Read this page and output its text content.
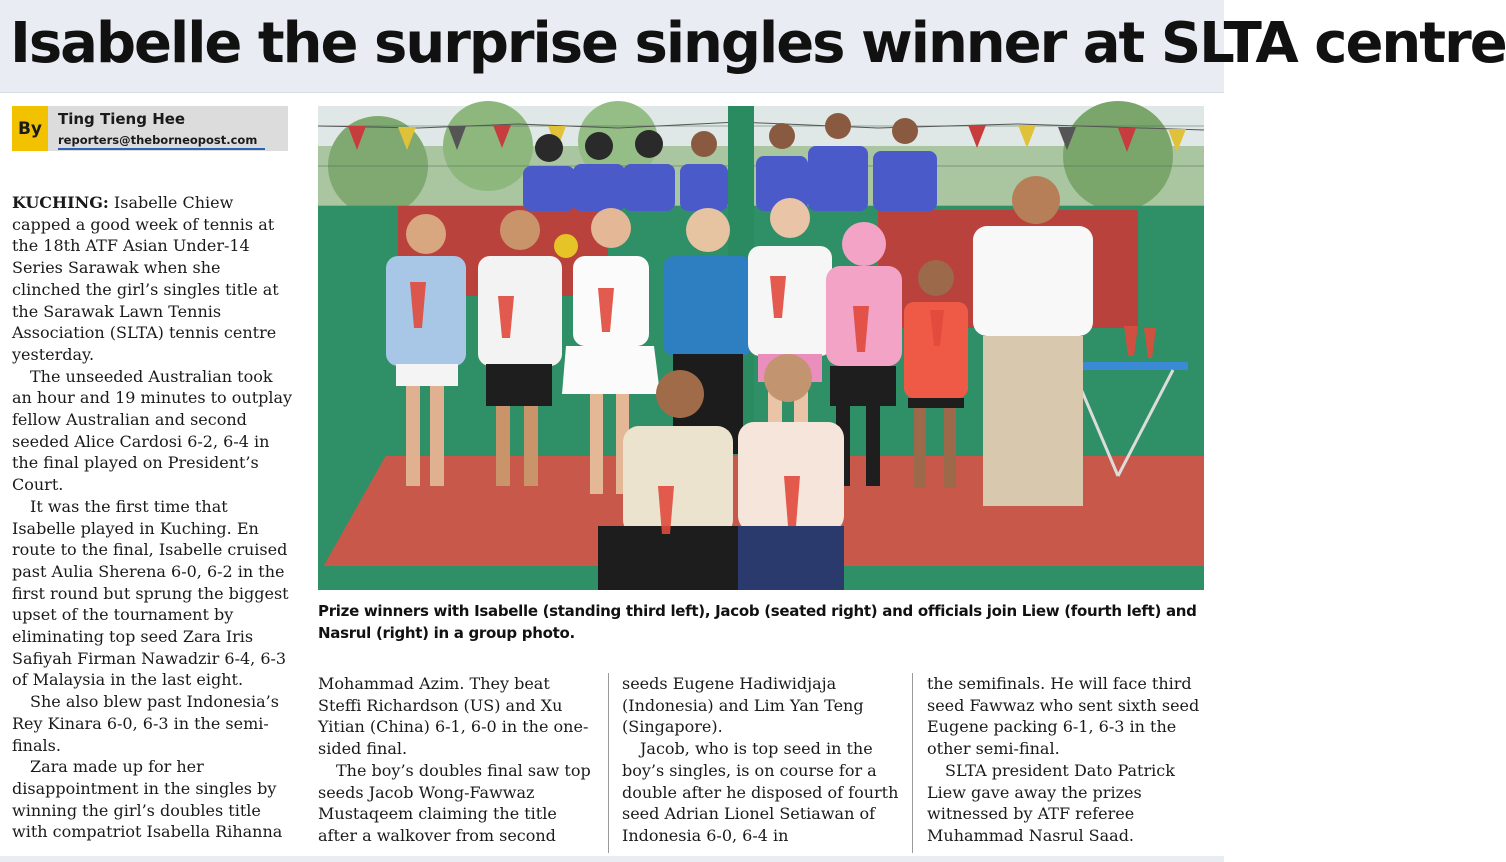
Isabelle the surprise singles winner at SLTA centre
By	Ting Tieng Hee
reporters@theborneopost.com

KUCHING: Isabelle Chiew capped a good week of tennis at the 18th ATF Asian Under-14 Series Sarawak when she clinched the girl’s singles title at the Sarawak Lawn Tennis Association (SLTA) tennis centre yesterday.

The unseeded Australian took an hour and 19 minutes to outplay fellow Australian and second seeded Alice Cardosi 6-2, 6-4 in the final played on President’s Court.

It was the first time that Isabelle played in Kuching. En route to the final, Isabelle cruised past Aulia Sherena 6-0, 6-2 in the first round but sprung the biggest upset of the tournament by eliminating top seed Zara Iris Safiyah Firman Nawadzir 6-4, 6-3 of Malaysia in the last eight.

She also blew past Indonesia’s Rey Kinara 6-0, 6-3 in the semi-finals.

Zara made up for her disappointment in the singles by winning the girl’s doubles title with compatriot Isabella Rihanna

Prize winners with Isabelle (standing third left), Jacob (seated right) and officials join Liew (fourth left) and Nasrul (right) in a group photo.

Mohammad Azim. They beat Steffi Richardson (US) and Xu Yitian (China) 6-1, 6-0 in the one-sided final.

The boy’s doubles final saw top seeds Jacob Wong-Fawwaz Mustaqeem claiming the title after a walkover from second

seeds Eugene Hadiwidjaja (Indonesia) and Lim Yan Teng (Singapore).

Jacob, who is top seed in the boy’s singles, is on course for a double after he disposed of fourth seed Adrian Lionel Setiawan of Indonesia 6-0, 6-4 in

the semifinals. He will face third seed Fawwaz who sent sixth seed Eugene packing 6-1, 6-3 in the other semi-final.

SLTA president Dato Patrick Liew gave away the prizes witnessed by ATF referee Muhammad Nasrul Saad.
